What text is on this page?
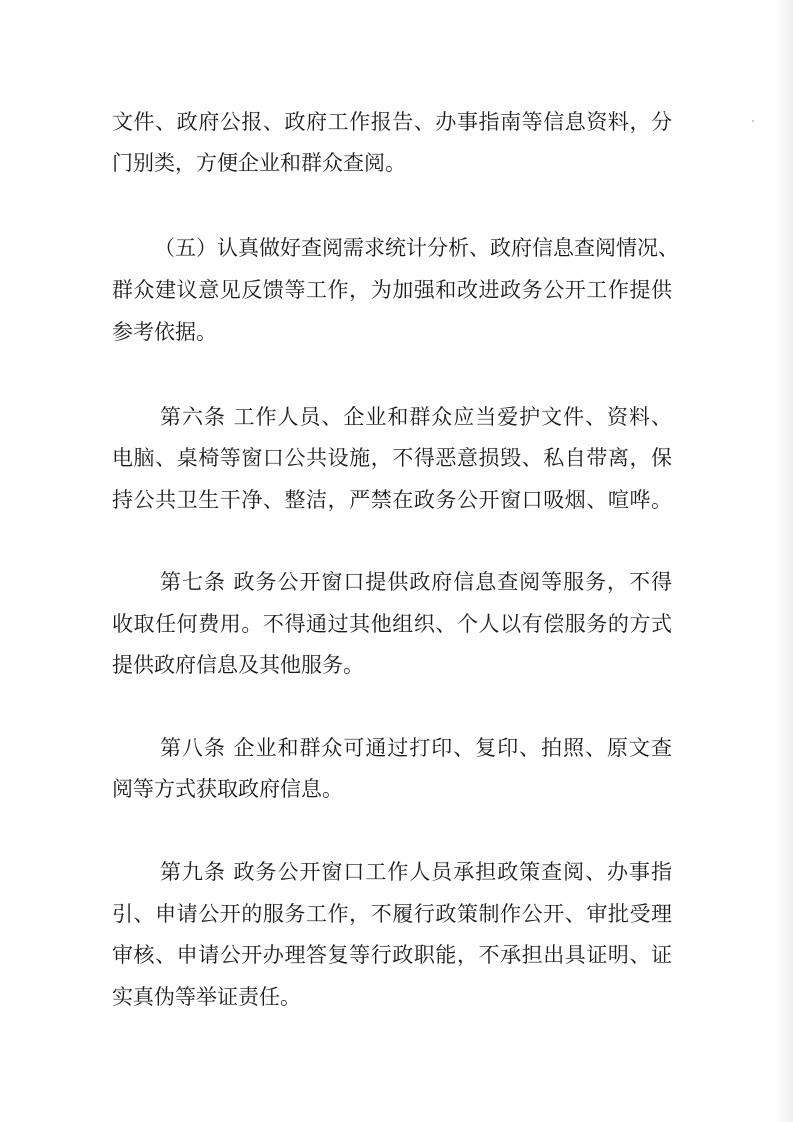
文件、政府公报、政府工作报告、办事指南等信息资料，分
门别类，方便企业和群众查阅。
（五）认真做好查阅需求统计分析、政府信息查阅情况、
群众建议意见反馈等工作，为加强和改进政务公开工作提供
参考依据。
第六条 工作人员、企业和群众应当爱护文件、资料、
电脑、桌椅等窗口公共设施，不得恶意损毁、私自带离，保
持公共卫生干净、整洁，严禁在政务公开窗口吸烟、喧哗。
第七条 政务公开窗口提供政府信息查阅等服务，不得
收取任何费用。不得通过其他组织、个人以有偿服务的方式
提供政府信息及其他服务。
第八条 企业和群众可通过打印、复印、拍照、原文查
阅等方式获取政府信息。
第九条 政务公开窗口工作人员承担政策查阅、办事指
引、申请公开的服务工作，不履行政策制作公开、审批受理
审核、申请公开办理答复等行政职能，不承担出具证明、证
实真伪等举证责任。
